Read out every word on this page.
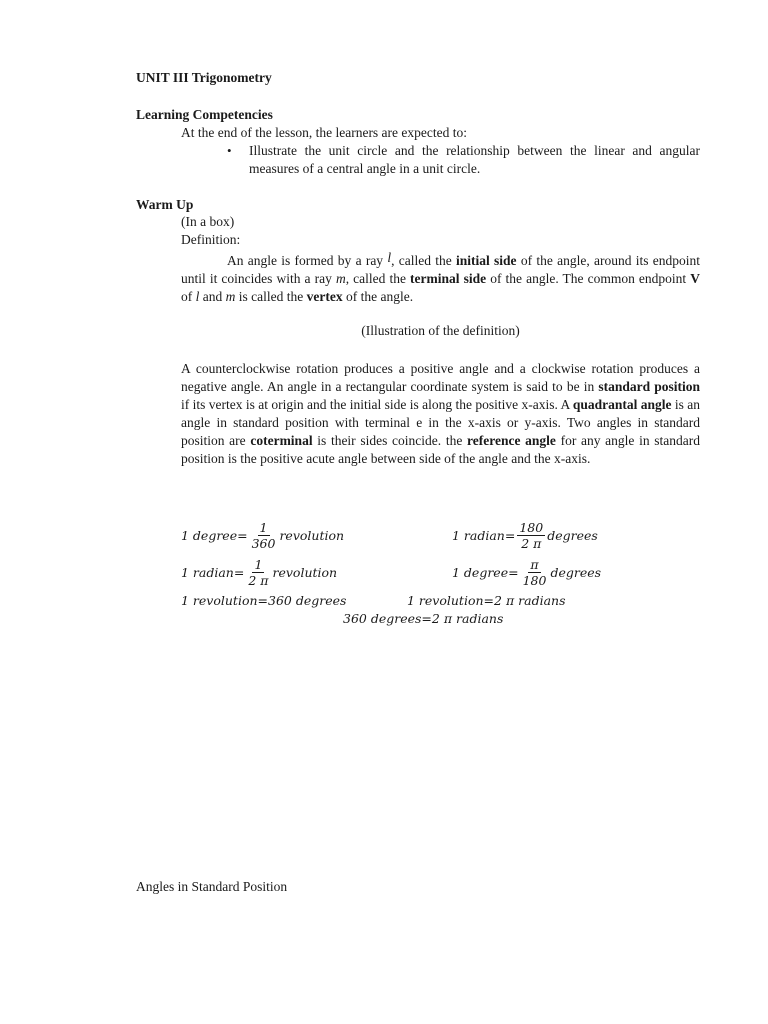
UNIT III Trigonometry
Learning Competencies
At the end of the lesson, the learners are expected to:
• Illustrate the unit circle and the relationship between the linear and angular
measures of a central angle in a unit circle.
Warm Up
(In a box)
Definition:
An angle is formed by a ray l, called the initial side of the angle, around its endpoint until it coincides with a ray m, called the terminal side of the angle. The common endpoint V of l and m is called the vertex of the angle.
(Illustration of the definition)
A counterclockwise rotation produces a positive angle and a clockwise rotation produces a negative angle. An angle in a rectangular coordinate system is said to be in standard position if its vertex is at origin and the initial side is along the positive x-axis. A quadrantal angle is an angle in standard position with terminal e in the x-axis or y-axis. Two angles in standard position are coterminal is their sides coincide. the reference angle for any angle in standard position is the positive acute angle between side of the angle and the x-axis.
1 degree = $\frac{1}{360}$ revolution	1 radian = $\frac{180}{2 \pi}$ degrees
1 radian = $\frac{1}{2 \pi}$ revolution	1 degree = $\frac{\pi}{180}$ degrees
1 revolution = 360 degrees	1 revolution = 2 π radians
360 degrees = 2 π radians
Angles in Standard Position
